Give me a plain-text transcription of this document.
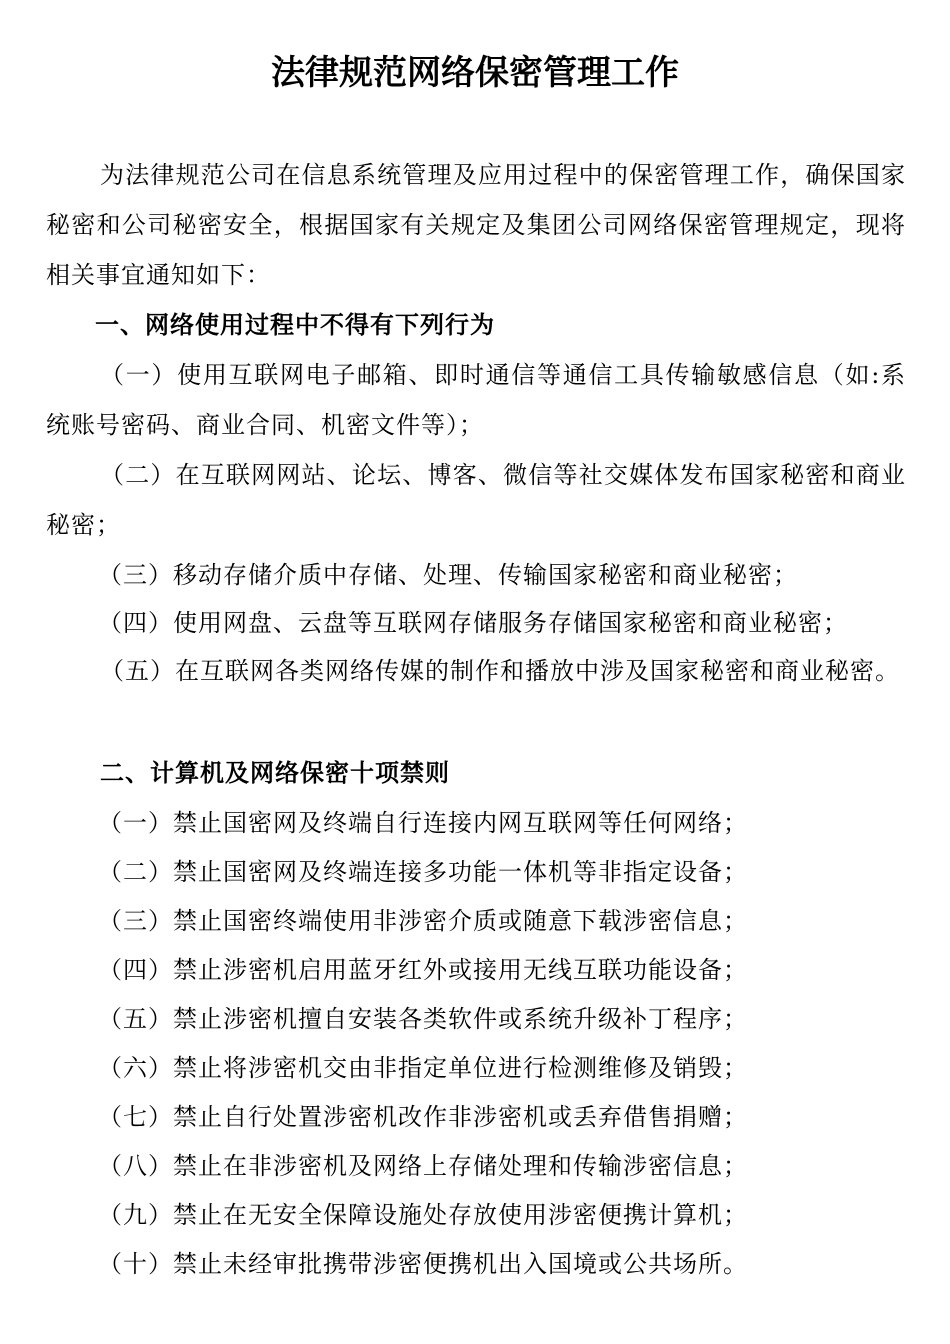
法律规范网络保密管理工作
为法律规范公司在信息系统管理及应用过程中的保密管理工作，确保国家秘密和公司秘密安全，根据国家有关规定及集团公司网络保密管理规定，现将相关事宜通知如下：
一、网络使用过程中不得有下列行为
（一）使用互联网电子邮箱、即时通信等通信工具传输敏感信息（如:系统账号密码、商业合同、机密文件等）；
（二）在互联网网站、论坛、博客、微信等社交媒体发布国家秘密和商业秘密；
（三）移动存储介质中存储、处理、传输国家秘密和商业秘密；
（四）使用网盘、云盘等互联网存储服务存储国家秘密和商业秘密；
（五）在互联网各类网络传媒的制作和播放中涉及国家秘密和商业秘密。
二、计算机及网络保密十项禁则
（一）禁止国密网及终端自行连接内网互联网等任何网络；
（二）禁止国密网及终端连接多功能一体机等非指定设备；
（三）禁止国密终端使用非涉密介质或随意下载涉密信息；
（四）禁止涉密机启用蓝牙红外或接用无线互联功能设备；
（五）禁止涉密机擅自安装各类软件或系统升级补丁程序；
（六）禁止将涉密机交由非指定单位进行检测维修及销毁；
（七）禁止自行处置涉密机改作非涉密机或丢弃借售捐赠；
（八）禁止在非涉密机及网络上存储处理和传输涉密信息；
（九）禁止在无安全保障设施处存放使用涉密便携计算机；
（十）禁止未经审批携带涉密便携机出入国境或公共场所。
